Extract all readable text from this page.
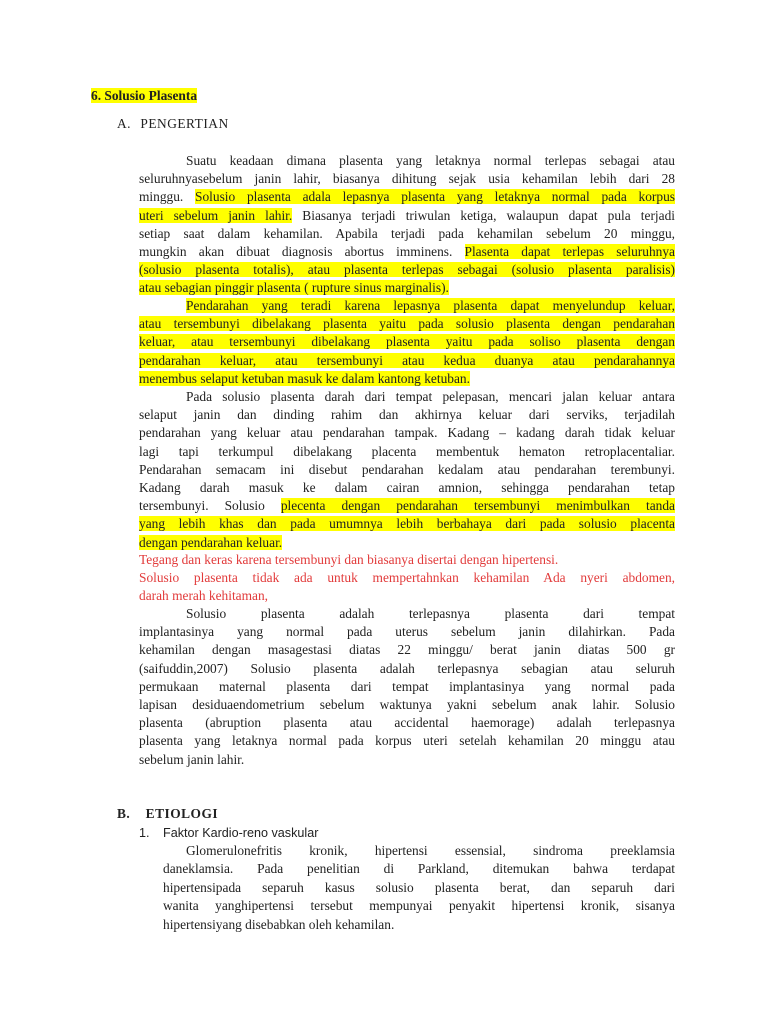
6. Solusio Plasenta
A. PENGERTIAN
Suatu keadaan dimana plasenta yang letaknya normal terlepas sebagai atau
seluruhnyasebelum janin lahir, biasanya dihitung sejak usia kehamilan lebih dari 28
minggu. Solusio plasenta adala lepasnya plasenta yang letaknya normal pada korpus
uteri sebelum janin lahir. Biasanya terjadi triwulan ketiga, walaupun dapat pula terjadi
setiap saat dalam kehamilan. Apabila terjadi pada kehamilan sebelum 20 minggu,
mungkin akan dibuat diagnosis abortus imminens. Plasenta dapat terlepas seluruhnya
(solusio plasenta totalis), atau plasenta terlepas sebagai (solusio plasenta paralisis)
atau sebagian pinggir plasenta ( rupture sinus marginalis).
Pendarahan yang teradi karena lepasnya plasenta dapat menyelundup keluar,
atau tersembunyi dibelakang plasenta yaitu pada solusio plasenta dengan pendarahan
keluar, atau tersembunyi dibelakang plasenta yaitu pada soliso plasenta dengan
pendarahan keluar, atau tersembunyi atau kedua duanya atau pendarahannya
menembus selaput ketuban masuk ke dalam kantong ketuban.
Pada solusio plasenta darah dari tempat pelepasan, mencari jalan keluar antara
selaput janin dan dinding rahim dan akhirnya keluar dari serviks, terjadilah
pendarahan yang keluar atau pendarahan tampak. Kadang – kadang darah tidak keluar
lagi tapi terkumpul dibelakang placenta membentuk hematon retroplacentaliar.
Pendarahan semacam ini disebut pendarahan kedalam atau pendarahan terembunyi.
Kadang darah masuk ke dalam cairan amnion, sehingga pendarahan tetap
tersembunyi. Solusio plecenta dengan pendarahan tersembunyi menimbulkan tanda
yang lebih khas dan pada umumnya lebih berbahaya dari pada solusio placenta
dengan pendarahan keluar.
Tegang dan keras karena tersembunyi dan biasanya disertai dengan hipertensi.
Solusio plasenta tidak ada untuk mempertahnkan kehamilan Ada nyeri abdomen,
darah merah kehitaman,
Solusio plasenta adalah terlepasnya plasenta dari tempat
implantasinya yang normal pada uterus sebelum janin dilahirkan. Pada
kehamilan dengan masagestasi diatas 22 minggu/ berat janin diatas 500 gr
(saifuddin,2007) Solusio plasenta adalah terlepasnya sebagian atau seluruh
permukaan maternal plasenta dari tempat implantasinya yang normal pada
lapisan desiduaendometrium sebelum waktunya yakni sebelum anak lahir. Solusio
plasenta (abruption plasenta atau accidental haemorage) adalah terlepasnya
plasenta yang letaknya normal pada korpus uteri setelah kehamilan 20 minggu atau
sebelum janin lahir.
B. ETIOLOGI
1. Faktor Kardio-reno vaskular
Glomerulonefritis kronik, hipertensi essensial, sindroma preeklamsia
daneklamsia. Pada penelitian di Parkland, ditemukan bahwa terdapat
hipertensipada separuh kasus solusio plasenta berat, dan separuh dari
wanita yanghipertensi tersebut mempunyai penyakit hipertensi kronik, sisanya
hipertensiyang disebabkan oleh kehamilan.
